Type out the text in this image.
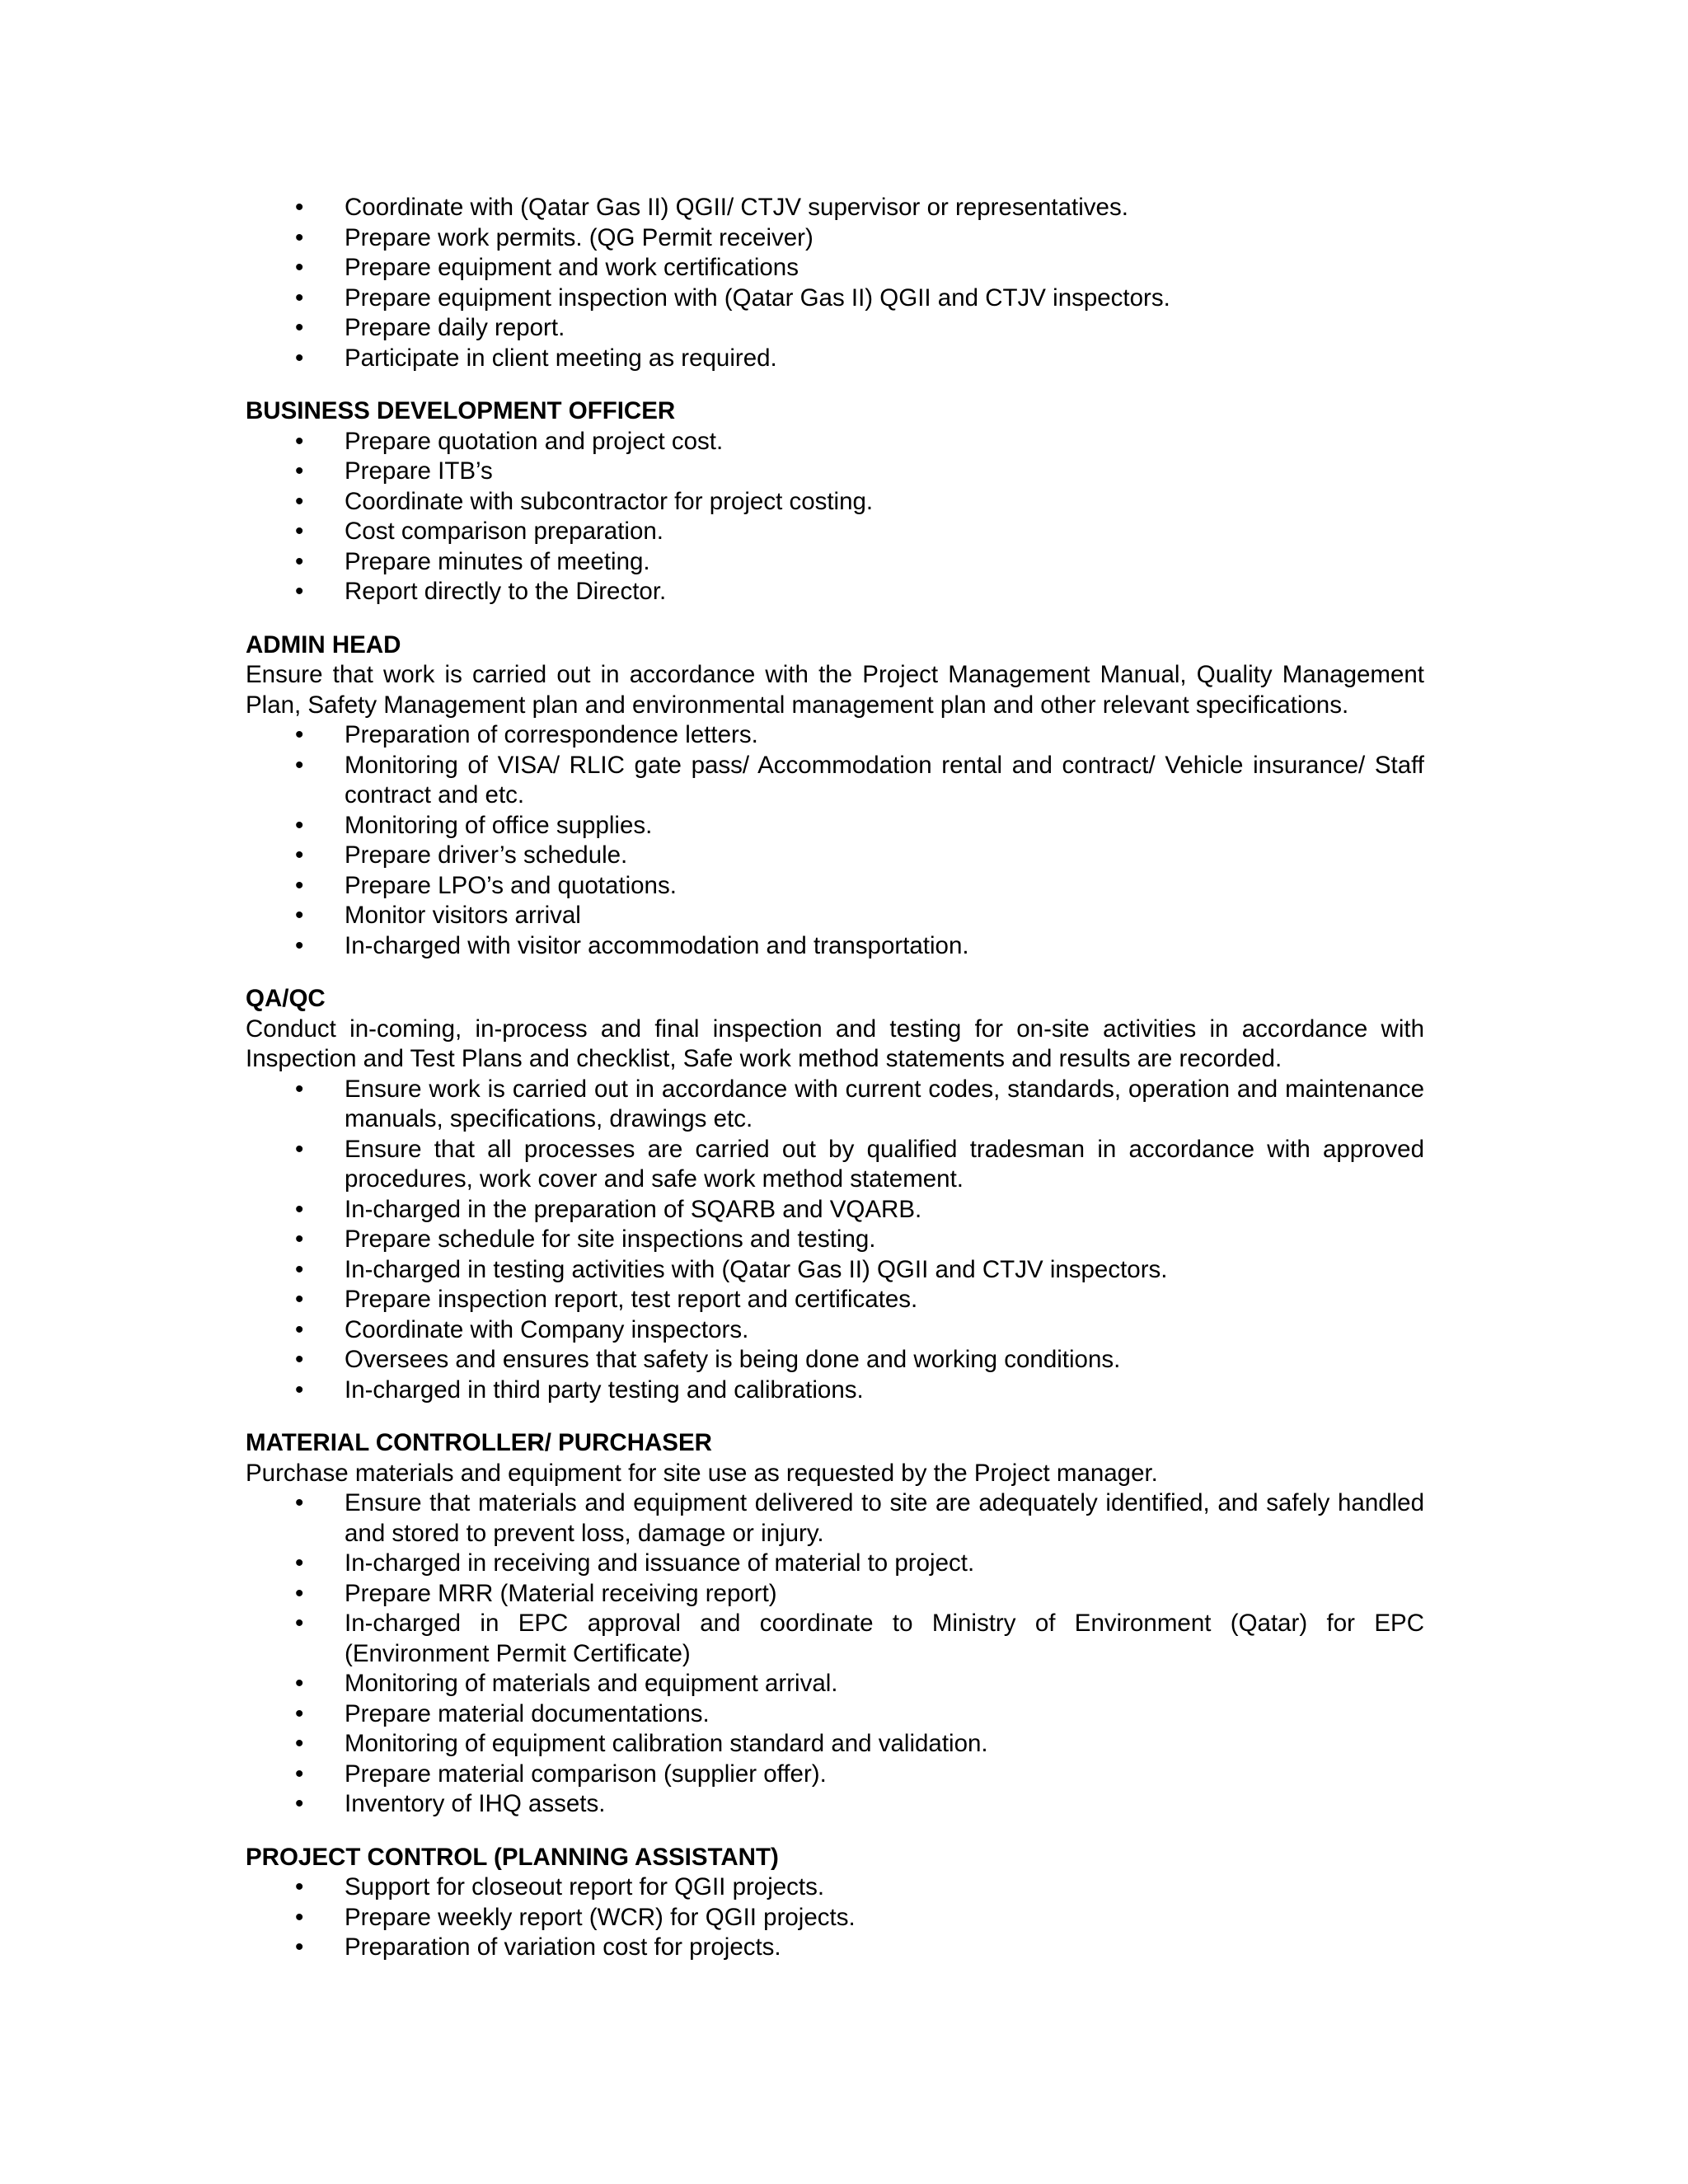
•	Coordinate with (Qatar Gas II) QGII/ CTJV supervisor or representatives.
•	Prepare work permits. (QG Permit receiver)
•	Prepare equipment and work certifications
•	Prepare equipment inspection with (Qatar Gas II) QGII and CTJV inspectors.
•	Prepare daily report.
•	Participate in client meeting as required.

BUSINESS DEVELOPMENT OFFICER

•	Prepare quotation and project cost.
•	Prepare ITB’s
•	Coordinate with subcontractor for project costing.
•	Cost comparison preparation.
•	Prepare minutes of meeting.
•	Report directly to the Director.

ADMIN HEAD

Ensure that work is carried out in accordance with the Project Management Manual, Quality Management Plan, Safety Management plan and environmental management plan and other relevant specifications.

•	Preparation of correspondence letters.
•	Monitoring of VISA/ RLIC gate pass/ Accommodation rental and contract/ Vehicle insurance/ Staff contract and etc.
•	Monitoring of office supplies.
•	Prepare driver’s schedule.
•	Prepare LPO’s and quotations.
•	Monitor visitors arrival
•	In-charged with visitor accommodation and transportation.

QA/QC

Conduct in-coming, in-process and final inspection and testing for on-site activities in accordance with Inspection and Test Plans and checklist, Safe work method statements and results are recorded.

•	Ensure work is carried out in accordance with current codes, standards, operation and maintenance manuals, specifications, drawings etc.
•	Ensure that all processes are carried out by qualified tradesman in accordance with approved procedures, work cover and safe work method statement.
•	In-charged in the preparation of SQARB and VQARB.
•	Prepare schedule for site inspections and testing.
•	In-charged in testing activities with (Qatar Gas II) QGII and CTJV inspectors.
•	Prepare inspection report, test report and certificates.
•	Coordinate with Company inspectors.
•	Oversees and ensures that safety is being done and working conditions.
•	In-charged in third party testing and calibrations.

MATERIAL CONTROLLER/ PURCHASER

Purchase materials and equipment for site use as requested by the Project manager.

•	Ensure that materials and equipment delivered to site are adequately identified, and safely handled and stored to prevent loss, damage or injury.
•	In-charged in receiving and issuance of material to project.
•	Prepare MRR (Material receiving report)
•	In-charged in EPC approval and coordinate to Ministry of Environment (Qatar) for EPC (Environment Permit Certificate)
•	Monitoring of materials and equipment arrival.
•	Prepare material documentations.
•	Monitoring of equipment calibration standard and validation.
•	Prepare material comparison (supplier offer).
•	Inventory of IHQ assets.

PROJECT CONTROL (PLANNING ASSISTANT)

•	Support for closeout report for QGII projects.
•	Prepare weekly report (WCR) for QGII projects.
•	Preparation of variation cost for projects.
